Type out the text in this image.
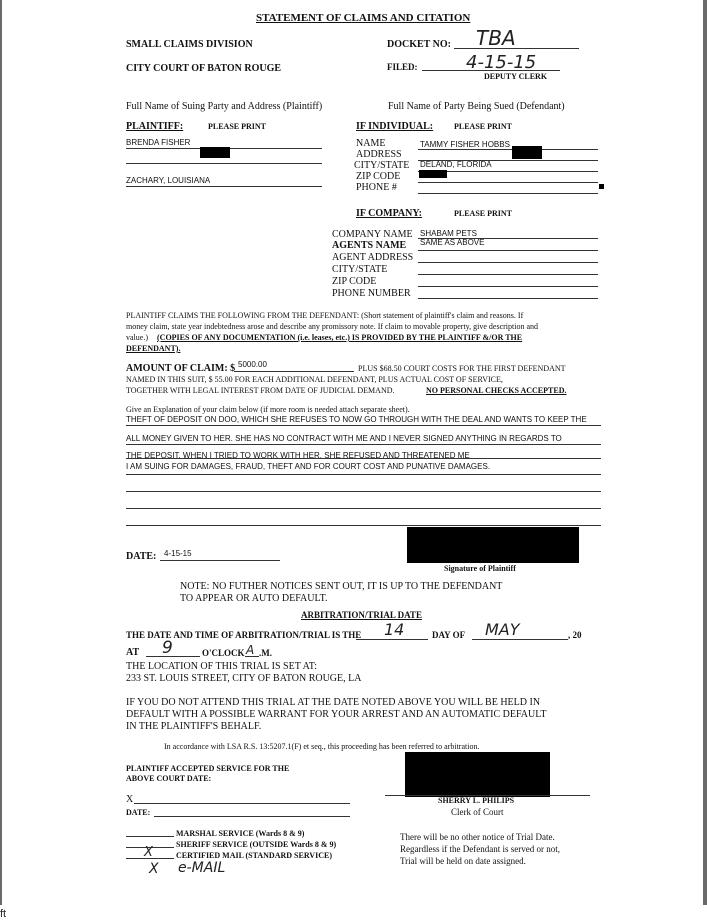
STATEMENT OF CLAIMS AND CITATION
SMALL CLAIMS DIVISION
CITY COURT OF BATON ROUGE
DOCKET NO: TBA
FILED:	4-15-15
DEPUTY CLERK
Full Name of Suing Party and Address (Plaintiff)	Full Name of Party Being Sued (Defendant)
PLAINTIFF:	PLEASE PRINT
BRENDA FISHER
ZACHARY, LOUISIANA
IF INDIVIDUAL:	PLEASE PRINT
NAME	TAMMY FISHER HOBBS
ADDRESS
CITY/STATE DELAND, FLORIDA
ZIP CODE
PHONE #
IF COMPANY:	PLEASE PRINT
COMPANY NAME SHABAM PETS
AGENTS NAME SAME AS ABOVE
AGENT ADDRESS
CITY/STATE
ZIP CODE
PHONE NUMBER
PLAINTIFF CLAIMS THE FOLLOWING FROM THE DEFENDANT: (Short statement of plaintiff's claim and reasons. If
money claim, state year indebtedness arose and describe any promissory note. If claim to movable property, give description and
value.) (COPIES OF ANY DOCUMENTATION (i.e. leases, etc.) IS PROVIDED BY THE PLAINTIFF &/OR THE
DEFENDANT).
AMOUNT OF CLAIM: $ 5000.00	PLUS $68.50 COURT COSTS FOR THE FIRST DEFENDANT
NAMED IN THIS SUIT, $ 55.00 FOR EACH ADDITIONAL DEFENDANT, PLUS ACTUAL COST OF SERVICE,
TOGETHER WITH LEGAL INTEREST FROM DATE OF JUDICIAL DEMAND.	NO PERSONAL CHECKS ACCEPTED.
Give an Explanation of your claim below (if more room is needed attach separate sheet).
THEFT OF DEPOSIT ON DOO, WHICH SHE REFUSES TO NOW GO THROUGH WITH THE DEAL AND WANTS TO KEEP THE
ALL MONEY GIVEN TO HER. SHE HAS NO CONTRACT WITH ME AND I NEVER SIGNED ANYTHING IN REGARDS TO
THE DEPOSIT. WHEN I TRIED TO WORK WITH HER, SHE REFUSED AND THREATENED ME
I AM SUING FOR DAMAGES, FRAUD, THEFT AND FOR COURT COST AND PUNATIVE DAMAGES.
DATE: 4-15-15
Signature of Plaintiff
NOTE: NO FUTHER NOTICES SENT OUT, IT IS UP TO THE DEFENDANT
TO APPEAR OR AUTO DEFAULT.
ARBITRATION/TRIAL DATE
THE DATE AND TIME OF ARBITRATION/TRIAL IS THE 14	DAY OF MAY	, 20
AT 9	O'CLOCK A .M.
THE LOCATION OF THIS TRIAL IS SET AT:
233 ST. LOUIS STREET, CITY OF BATON ROUGE, LA
IF YOU DO NOT ATTEND THIS TRIAL AT THE DATE NOTED ABOVE YOU WILL BE HELD IN
DEFAULT WITH A POSSIBLE WARRANT FOR YOUR ARREST AND AN AUTOMATIC DEFAULT
IN THE PLAINTIFF'S BEHALF.
In accordance with LSA R.S. 13:5207.1(F) et seq., this proceeding has been referred to arbitration.
PLAINTIFF ACCEPTED SERVICE FOR THE
ABOVE COURT DATE:
X
DATE:
SHERRY L. PHILIPS
Clerk of Court
MARSHAL SERVICE (Wards 8 & 9)
SHERIFF SERVICE (OUTSIDE Wards 8 & 9)
X	CERTIFIED MAIL (STANDARD SERVICE)
X e-MAIL
There will be no other notice of Trial Date.
Regardless if the Defendant is served or not,
Trial will be held on date assigned.
ft
